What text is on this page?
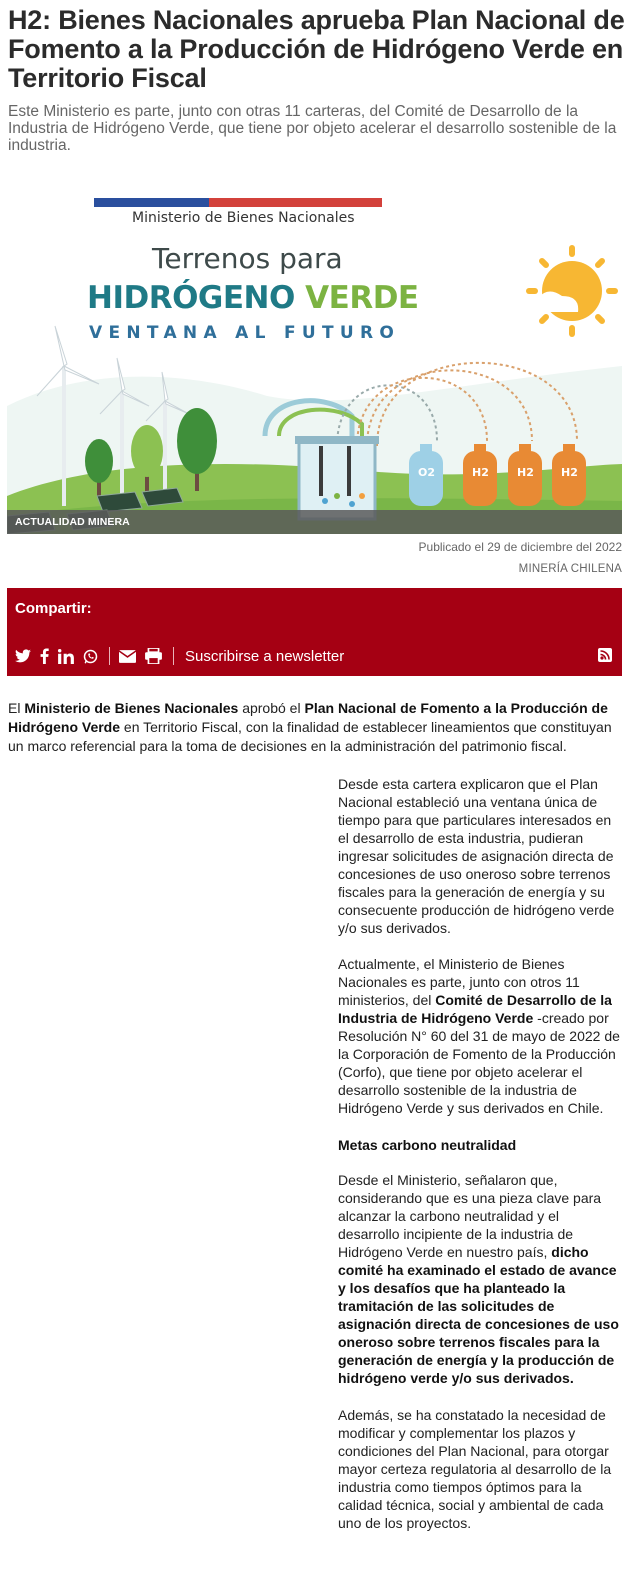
H2: Bienes Nacionales aprueba Plan Nacional de Fomento a la Producción de Hidrógeno Verde en Territorio Fiscal

Este Ministerio es parte, junto con otras 11 carteras, del Comité de Desarrollo de la Industria de Hidrógeno Verde, que tiene por objeto acelerar el desarrollo sostenible de la industria.

O2	H2	H2 H2
Ministerio de Bienes Nacionales
Terrenos para
HIDRÓGENO VERDE
VENTANA AL FUTURO
ACTUALIDAD MINERA
Publicado el 29 de diciembre del 2022
MINERÍA CHILENA
Compartir:
Suscribirse a newsletter

El Ministerio de Bienes Nacionales aprobó el Plan Nacional de Fomento a la Producción de Hidrógeno Verde en Territorio Fiscal, con la finalidad de establecer lineamientos que constituyan un marco referencial para la toma de decisiones en la administración del patrimonio fiscal.

Desde esta cartera explicaron que el Plan Nacional estableció una ventana única de tiempo para que particulares interesados en el desarrollo de esta industria, pudieran ingresar solicitudes de asignación directa de concesiones de uso oneroso sobre terrenos fiscales para la generación de energía y su consecuente producción de hidrógeno verde y/o sus derivados.

Actualmente, el Ministerio de Bienes Nacionales es parte, junto con otros 11 ministerios, del Comité de Desarrollo de la Industria de Hidrógeno Verde -creado por Resolución N° 60 del 31 de mayo de 2022 de la Corporación de Fomento de la Producción (Corfo), que tiene por objeto acelerar el desarrollo sostenible de la industria de Hidrógeno Verde y sus derivados en Chile.

Metas carbono neutralidad

Desde el Ministerio, señalaron que, considerando que es una pieza clave para alcanzar la carbono neutralidad y el desarrollo incipiente de la industria de Hidrógeno Verde en nuestro país, dicho comité ha examinado el estado de avance y los desafíos que ha planteado la tramitación de las solicitudes de asignación directa de concesiones de uso oneroso sobre terrenos fiscales para la generación de energía y la producción de hidrógeno verde y/o sus derivados.

Además, se ha constatado la necesidad de modificar y complementar los plazos y condiciones del Plan Nacional, para otorgar mayor certeza regulatoria al desarrollo de la industria como tiempos óptimos para la calidad técnica, social y ambiental de cada uno de los proyectos.
